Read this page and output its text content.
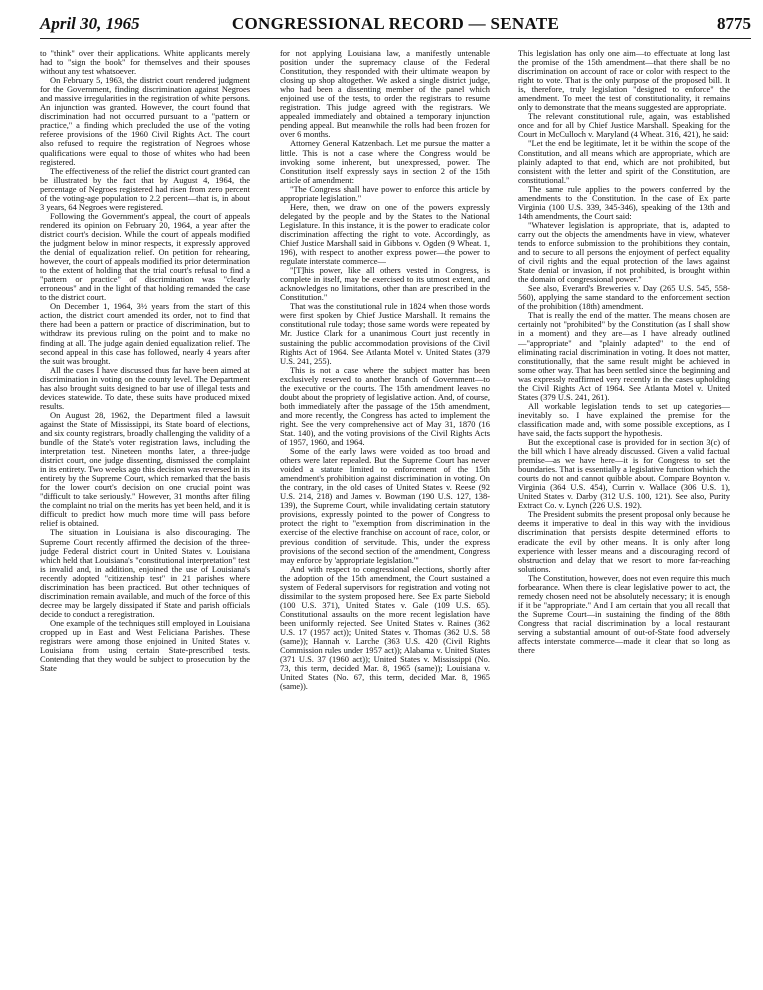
April 30, 1965	CONGRESSIONAL RECORD — SENATE	8775

to "think" over their applications. White applicants merely had to "sign the book" for themselves and their spouses without any test whatsoever.

On February 5, 1963, the district court rendered judgment for the Government, finding discrimination against Negroes and massive irregularities in the registration of white persons. An injunction was granted. However, the court found that discrimination had not occurred pursuant to a "pattern or practice," a finding which precluded the use of the voting referee provisions of the 1960 Civil Rights Act. The court also refused to require the registration of Negroes whose qualifications were equal to those of whites who had been registered.

The effectiveness of the relief the district court granted can be illustrated by the fact that by August 4, 1964, the percentage of Negroes registered had risen from zero percent of the voting-age population to 2.2 percent—that is, in about 3 years, 64 Negroes were registered.

Following the Government's appeal, the court of appeals rendered its opinion on February 20, 1964, a year after the district court's decision. While the court of appeals modified the judgment below in minor respects, it expressly approved the denial of equalization relief. On petition for rehearing, however, the court of appeals modified its prior determination to the extent of holding that the trial court's refusal to find a "pattern or practice" of discrimination was "clearly erroneous" and in the light of that holding remanded the case to the district court.

On December 1, 1964, 3½ years from the start of this action, the district court amended its order, not to find that there had been a pattern or practice of discrimination, but to withdraw its previous ruling on the point and to make no finding at all. The judge again denied equalization relief. The second appeal in this case has followed, nearly 4 years after the suit was brought.

All the cases I have discussed thus far have been aimed at discrimination in voting on the county level. The Department has also brought suits designed to bar use of illegal tests and devices statewide. To date, these suits have produced mixed results.

On August 28, 1962, the Department filed a lawsuit against the State of Mississippi, its State board of elections, and six county registrars, broadly challenging the validity of a bundle of the State's voter registration laws, including the interpretation test. Nineteen months later, a three-judge district court, one judge dissenting, dismissed the complaint in its entirety. Two weeks ago this decision was reversed in its entirety by the Supreme Court, which remarked that the basis for the lower court's decision on one crucial point was "difficult to take seriously." However, 31 months after filing the complaint no trial on the merits has yet been held, and it is difficult to predict how much more time will pass before relief is obtained.

The situation in Louisiana is also discouraging. The Supreme Court recently affirmed the decision of the three-judge Federal district court in United States v. Louisiana which held that Louisiana's "constitutional interpretation" test is invalid and, in addition, enjoined the use of Louisiana's recently adopted "citizenship test" in 21 parishes where discrimination has been practiced. But other techniques of discrimination remain available, and much of the force of this decree may be largely dissipated if State and parish officials decide to conduct a reregistration.

One example of the techniques still employed in Louisiana cropped up in East and West Feliciana Parishes. These registrars were among those enjoined in United States v. Louisiana from using certain State-prescribed tests. Contending that they would be subject to prosecution by the State

for not applying Louisiana law, a manifestly untenable position under the supremacy clause of the Federal Constitution, they responded with their ultimate weapon by closing up shop altogether. We asked a single district judge, who had been a dissenting member of the panel which enjoined use of the tests, to order the registrars to resume registration. This judge agreed with the registrars. We appealed immediately and obtained a temporary injunction pending appeal. But meanwhile the rolls had been frozen for over 6 months.

Attorney General Katzenbach. Let me pursue the matter a little. This is not a case where the Congress would be invoking some inherent, but unexpressed, power. The Constitution itself expressly says in section 2 of the 15th article of amendment:

"The Congress shall have power to enforce this article by appropriate legislation."

Here, then, we draw on one of the powers expressly delegated by the people and by the States to the National Legislature. In this instance, it is the power to eradicate color discrimination affecting the right to vote. Accordingly, as Chief Justice Marshall said in Gibbons v. Ogden (9 Wheat. 1, 196), with respect to another express power—the power to regulate interstate commerce—

"[T]his power, like all others vested in Congress, is complete in itself, may be exercised to its utmost extent, and acknowledges no limitations, other than are prescribed in the Constitution."

That was the constitutional rule in 1824 when those words were first spoken by Chief Justice Marshall. It remains the constitutional rule today; those same words were repeated by Mr. Justice Clark for a unanimous Court just recently in sustaining the public accommodation provisions of the Civil Rights Act of 1964. See Atlanta Motel v. United States (379 U.S. 241, 255).

This is not a case where the subject matter has been exclusively reserved to another branch of Government—to the executive or the courts. The 15th amendment leaves no doubt about the propriety of legislative action. And, of course, both immediately after the passage of the 15th amendment, and more recently, the Congress has acted to implement the right. See the very comprehensive act of May 31, 1870 (16 Stat. 140), and the voting provisions of the Civil Rights Acts of 1957, 1960, and 1964.

Some of the early laws were voided as too broad and others were later repealed. But the Supreme Court has never voided a statute limited to enforcement of the 15th amendment's prohibition against discrimination in voting. On the contrary, in the old cases of United States v. Reese (92 U.S. 214, 218) and James v. Bowman (190 U.S. 127, 138-139), the Supreme Court, while invalidating certain statutory provisions, expressly pointed to the power of Congress to protect the right to "exemption from discrimination in the exercise of the elective franchise on account of race, color, or previous condition of servitude. This, under the express provisions of the second section of the amendment, Congress may enforce by 'appropriate legislation.'"

And with respect to congressional elections, shortly after the adoption of the 15th amendment, the Court sustained a system of Federal supervisors for registration and voting not dissimilar to the system proposed here. See Ex parte Siebold (100 U.S. 371), United States v. Gale (109 U.S. 65). Constitutional assaults on the more recent legislation have been uniformly rejected. See United States v. Raines (362 U.S. 17 (1957 act)); United States v. Thomas (362 U.S. 58 (same)); Hannah v. Larche (363 U.S. 420 (Civil Rights Commission rules under 1957 act)); Alabama v. United States (371 U.S. 37 (1960 act)); United States v. Mississippi (No. 73, this term, decided Mar. 8, 1965 (same)); Louisiana v. United States (No. 67, this term, decided Mar. 8, 1965 (same)).

This legislation has only one aim—to effectuate at long last the promise of the 15th amendment—that there shall be no discrimination on account of race or color with respect to the right to vote. That is the only purpose of the proposed bill. It is, therefore, truly legislation "designed to enforce" the amendment. To meet the test of constitutionality, it remains only to demonstrate that the means suggested are appropriate.

The relevant constitutional rule, again, was established once and for all by Chief Justice Marshall. Speaking for the Court in McCulloch v. Maryland (4 Wheat. 316, 421), he said:

"Let the end be legitimate, let it be within the scope of the Constitution, and all means which are appropriate, which are plainly adapted to that end, which are not prohibited, but consistent with the letter and spirit of the Constitution, are constitutional."

The same rule applies to the powers conferred by the amendments to the Constitution. In the case of Ex parte Virginia (100 U.S. 339, 345-346), speaking of the 13th and 14th amendments, the Court said:

"Whatever legislation is appropriate, that is, adapted to carry out the objects the amendments have in view, whatever tends to enforce submission to the prohibitions they contain, and to secure to all persons the enjoyment of perfect equality of civil rights and the equal protection of the laws against State denial or invasion, if not prohibited, is brought within the domain of congressional power."

See also, Everard's Breweries v. Day (265 U.S. 545, 558-560), applying the same standard to the enforcement section of the prohibition (18th) amendment.

That is really the end of the matter. The means chosen are certainly not "prohibited" by the Constitution (as I shall show in a moment) and they are—as I have already outlined—"appropriate" and "plainly adapted" to the end of eliminating racial discrimination in voting. It does not matter, constitutionally, that the same result might be achieved in some other way. That has been settled since the beginning and was expressly reaffirmed very recently in the cases upholding the Civil Rights Act of 1964. See Atlanta Motel v. United States (379 U.S. 241, 261).

All workable legislation tends to set up categories—inevitably so. I have explained the premise for the classification made and, with some possible exceptions, as I have said, the facts support the hypothesis.

But the exceptional case is provided for in section 3(c) of the bill which I have already discussed. Given a valid factual premise—as we have here—it is for Congress to set the boundaries. That is essentially a legislative function which the courts do not and cannot quibble about. Compare Boynton v. Virginia (364 U.S. 454), Currin v. Wallace (306 U.S. 1), United States v. Darby (312 U.S. 100, 121). See also, Purity Extract Co. v. Lynch (226 U.S. 192).

The President submits the present proposal only because he deems it imperative to deal in this way with the invidious discrimination that persists despite determined efforts to eradicate the evil by other means. It is only after long experience with lesser means and a discouraging record of obstruction and delay that we resort to more far-reaching solutions.

The Constitution, however, does not even require this much forbearance. When there is clear legislative power to act, the remedy chosen need not be absolutely necessary; it is enough if it be "appropriate." And I am certain that you all recall that the Supreme Court—in sustaining the finding of the 88th Congress that racial discrimination by a local restaurant serving a substantial amount of out-of-State food adversely affects interstate commerce—made it clear that so long as there
